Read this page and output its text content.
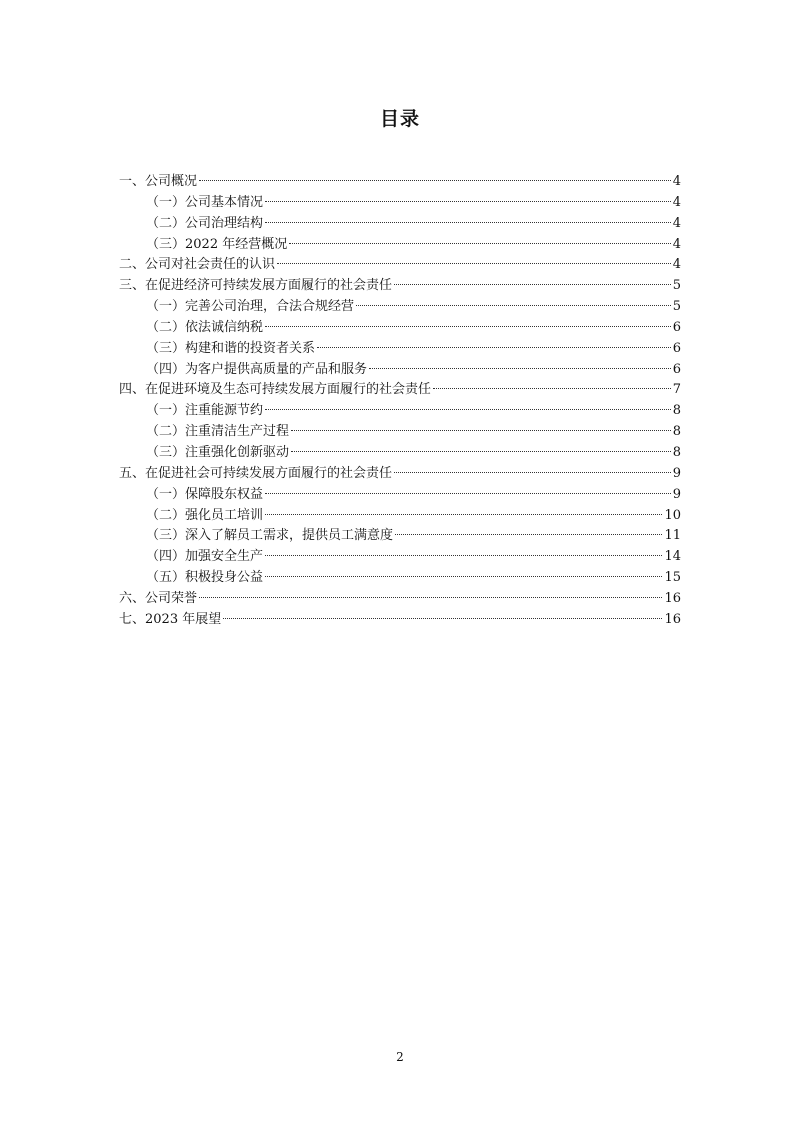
目录
一、公司概况	4
（一）公司基本情况	4
（二）公司治理结构	4
（三）2022 年经营概况	4
二、公司对社会责任的认识	4
三、在促进经济可持续发展方面履行的社会责任	5
（一）完善公司治理，合法合规经营	5
（二）依法诚信纳税	6
（三）构建和谐的投资者关系	6
（四）为客户提供高质量的产品和服务	6
四、在促进环境及生态可持续发展方面履行的社会责任	7
（一）注重能源节约	8
（二）注重清洁生产过程	8
（三）注重强化创新驱动	8
五、在促进社会可持续发展方面履行的社会责任	9
（一）保障股东权益	9
（二）强化员工培训	10
（三）深入了解员工需求，提供员工满意度	11
（四）加强安全生产	14
（五）积极投身公益	15
六、公司荣誉	16
七、2023 年展望	16
2
